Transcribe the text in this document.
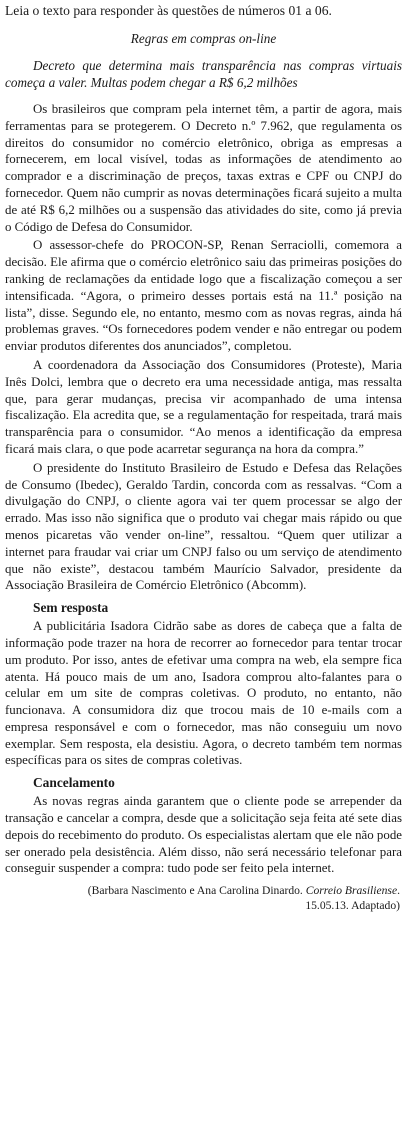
Leia o texto para responder às questões de números 01 a 06.

Regras em compras on-line

Decreto que determina mais transparência nas compras virtuais começa a valer. Multas podem chegar a R$ 6,2 milhões

Os brasileiros que compram pela internet têm, a partir de agora, mais ferramentas para se protegerem. O Decreto n.º 7.962, que regulamenta os direitos do consumidor no comércio eletrônico, obriga as empresas a fornecerem, em local visível, todas as informações de atendimento ao comprador e a discriminação de preços, taxas extras e CPF ou CNPJ do fornecedor. Quem não cumprir as novas determinações ficará sujeito a multa de até R$ 6,2 milhões ou a suspensão das atividades do site, como já previa o Código de Defesa do Consumidor.

O assessor-chefe do PROCON-SP, Renan Serraciolli, comemora a decisão. Ele afirma que o comércio eletrônico saiu das primeiras posições do ranking de reclamações da entidade logo que a fiscalização começou a ser intensificada. “Agora, o primeiro desses portais está na 11.ª posição na lista”, disse. Segundo ele, no entanto, mesmo com as novas regras, ainda há problemas graves. “Os fornecedores podem vender e não entregar ou podem enviar produtos diferentes dos anunciados”, completou.

A coordenadora da Associação dos Consumidores (Proteste), Maria Inês Dolci, lembra que o decreto era uma necessidade antiga, mas ressalta que, para gerar mudanças, precisa vir acompanhado de uma intensa fiscalização. Ela acredita que, se a regulamentação for respeitada, trará mais transparência para o consumidor. “Ao menos a identificação da empresa ficará mais clara, o que pode acarretar segurança na hora da compra.”

O presidente do Instituto Brasileiro de Estudo e Defesa das Relações de Consumo (Ibedec), Geraldo Tardin, concorda com as ressalvas. “Com a divulgação do CNPJ, o cliente agora vai ter quem processar se algo der errado. Mas isso não significa que o produto vai chegar mais rápido ou que menos picaretas vão vender on-line”, ressaltou. “Quem quer utilizar a internet para fraudar vai criar um CNPJ falso ou um serviço de atendimento que não existe”, destacou também Maurício Salvador, presidente da Associação Brasileira de Comércio Eletrônico (Abcomm).

Sem resposta

A publicitária Isadora Cidrão sabe as dores de cabeça que a falta de informação pode trazer na hora de recorrer ao fornecedor para tentar trocar um produto. Por isso, antes de efetivar uma compra na web, ela sempre fica atenta. Há pouco mais de um ano, Isadora comprou alto-falantes para o celular em um site de compras coletivas. O produto, no entanto, não funcionava. A consumidora diz que trocou mais de 10 e-mails com a empresa responsável e com o fornecedor, mas não conseguiu um novo exemplar. Sem resposta, ela desistiu. Agora, o decreto também tem normas específicas para os sites de compras coletivas.

Cancelamento

As novas regras ainda garantem que o cliente pode se arrepender da transação e cancelar a compra, desde que a solicitação seja feita até sete dias depois do recebimento do produto. Os especialistas alertam que ele não pode ser onerado pela desistência. Além disso, não será necessário telefonar para conseguir suspender a compra: tudo pode ser feito pela internet.

(Barbara Nascimento e Ana Carolina Dinardo. Correio Brasiliense.
15.05.13. Adaptado)
